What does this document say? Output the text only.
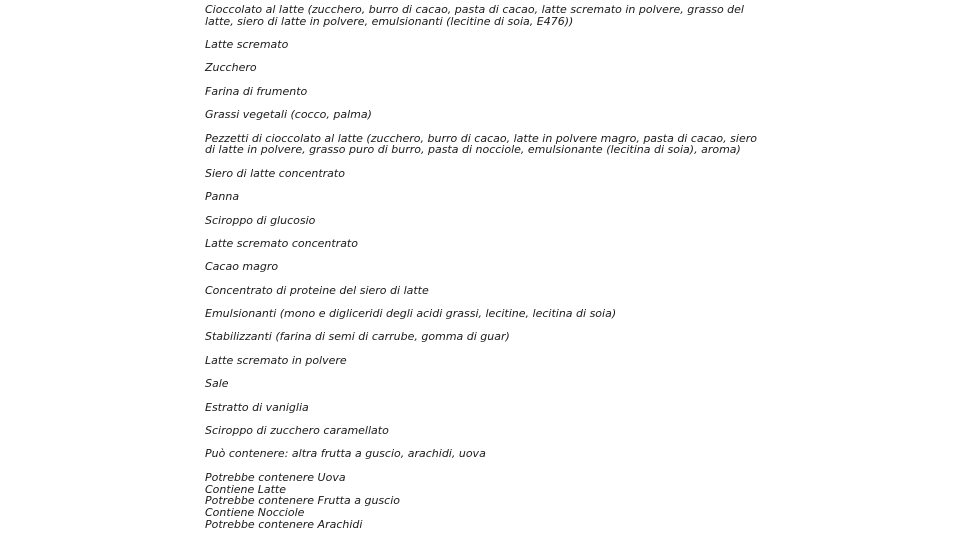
Cioccolato al latte (zucchero, burro di cacao, pasta di cacao, latte scremato in polvere, grasso del latte, siero di latte in polvere, emulsionanti (lecitine di soia, E476))

Latte scremato

Zucchero

Farina di frumento

Grassi vegetali (cocco, palma)

Pezzetti di cioccolato al latte (zucchero, burro di cacao, latte in polvere magro, pasta di cacao, siero di latte in polvere, grasso puro di burro, pasta di nocciole, emulsionante (lecitina di soia), aroma)

Siero di latte concentrato

Panna

Sciroppo di glucosio

Latte scremato concentrato

Cacao magro

Concentrato di proteine del siero di latte

Emulsionanti (mono e digliceridi degli acidi grassi, lecitine, lecitina di soia)

Stabilizzanti (farina di semi di carrube, gomma di guar)

Latte scremato in polvere

Sale

Estratto di vaniglia

Sciroppo di zucchero caramellato

Può contenere: altra frutta a guscio, arachidi, uova

Potrebbe contenere Uova
Contiene Latte
Potrebbe contenere Frutta a guscio
Contiene Nocciole
Potrebbe contenere Arachidi
